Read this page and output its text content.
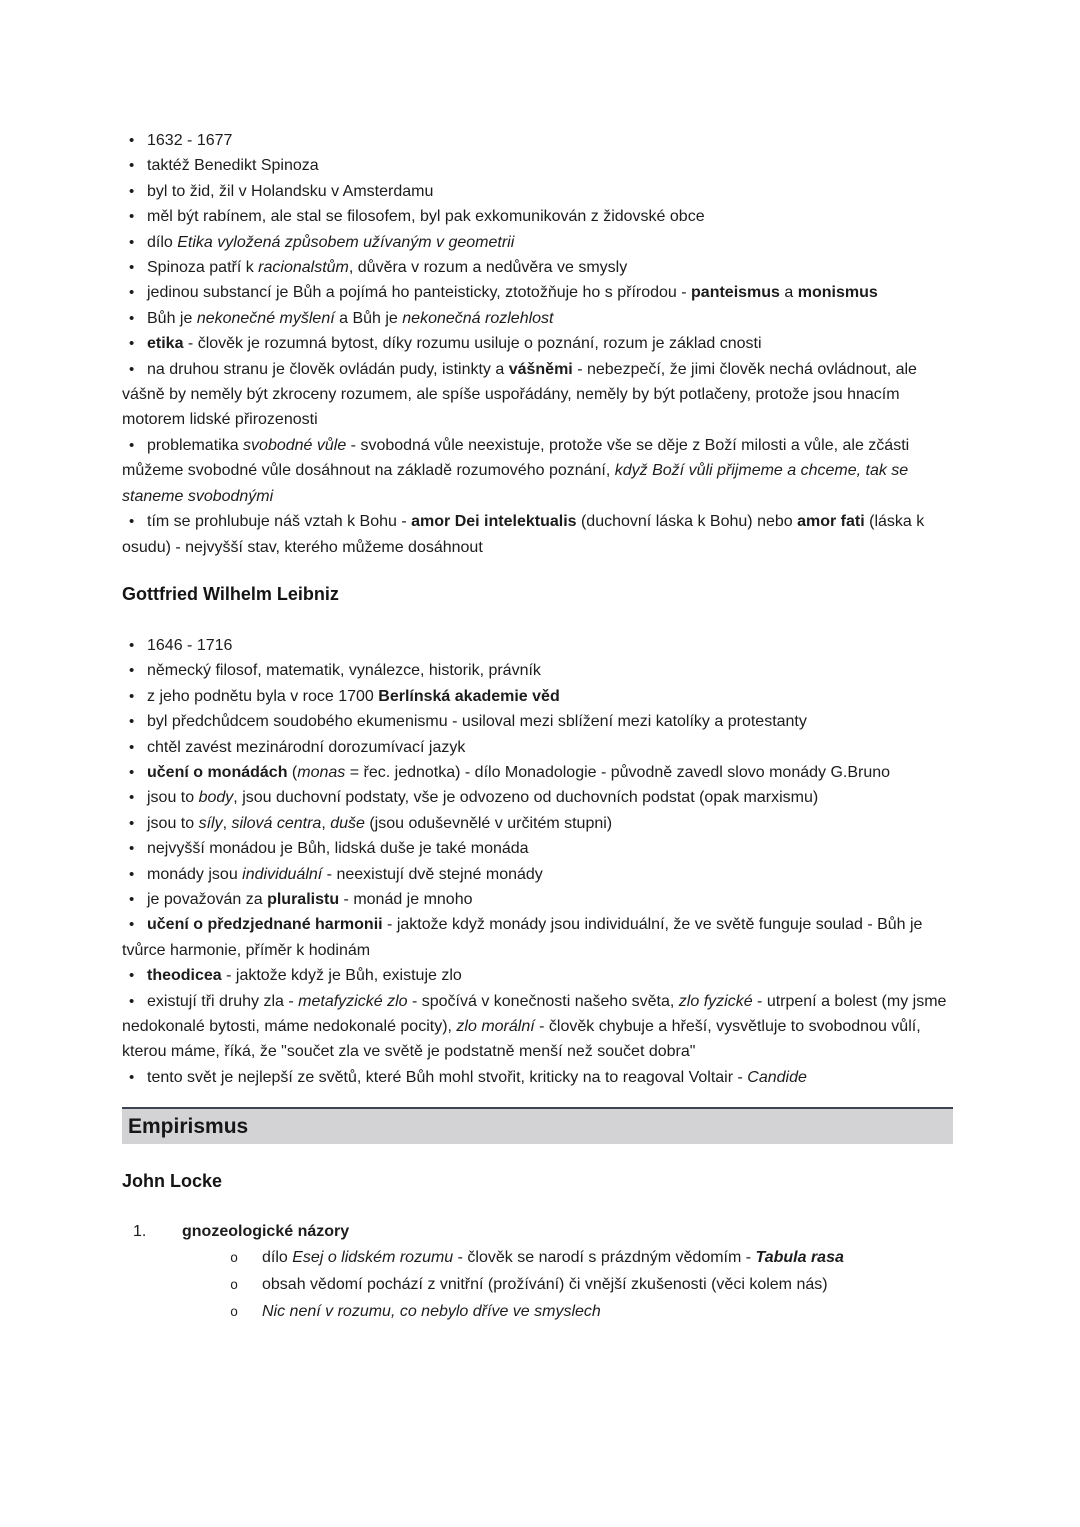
• 1632 - 1677
• taktéž Benedikt Spinoza
• byl to žid, žil v Holandsku v Amsterdamu
• měl být rabínem, ale stal se filosofem, byl pak exkomunikován z židovské obce
• dílo Etika vyložená způsobem užívaným v geometrii
• Spinoza patří k racionalstům, důvěra v rozum a nedůvěra ve smysly
• jedinou substancí je Bůh a pojímá ho panteisticky, ztotožňuje ho s přírodou - panteismus a monismus
• Bůh je nekonečné myšlení a Bůh je nekonečná rozlehlost
• etika - člověk je rozumná bytost, díky rozumu usiluje o poznání, rozum je základ cnosti
• na druhou stranu je člověk ovládán pudy, istinkty a vášněmi - nebezpečí, že jimi člověk nechá ovládnout, ale vášně by neměly být zkroceny rozumem, ale spíše uspořádány, neměly by být potlačeny, protože jsou hnacím motorem lidské přirozenosti
• problematika svobodné vůle - svobodná vůle neexistuje, protože vše se děje z Boží milosti a vůle, ale zčásti můžeme svobodné vůle dosáhnout na základě rozumového poznání, když Boží vůli přijmeme a chceme, tak se staneme svobodnými
• tím se prohlubuje náš vztah k Bohu - amor Dei intelektualis (duchovní láska k Bohu) nebo amor fati (láska k osudu) - nejvyšší stav, kterého můžeme dosáhnout
Gottfried Wilhelm Leibniz
• 1646 - 1716
• německý filosof, matematik, vynálezce, historik, právník
• z jeho podnětu byla v roce 1700 Berlínská akademie věd
• byl předchůdcem soudobého ekumenismu - usiloval mezi sblížení mezi katolíky a protestanty
• chtěl zavést mezinárodní dorozumívací jazyk
• učení o monádách (monas = řec. jednotka) - dílo Monadologie - původně zavedl slovo monády G.Bruno
• jsou to body, jsou duchovní podstaty, vše je odvozeno od duchovních podstat (opak marxismu)
• jsou to síly, silová centra, duše (jsou oduševnělé v určitém stupni)
• nejvyšší monádou je Bůh, lidská duše je také monáda
• monády jsou individuální - neexistují dvě stejné monády
• je považován za pluralistu - monád je mnoho
• učení o předzjednané harmonii - jaktože když monády jsou individuální, že ve světě funguje soulad - Bůh je tvůrce harmonie, příměr k hodinám
• theodicea - jaktože když je Bůh, existuje zlo
• existují tři druhy zla - metafyzické zlo - spočívá v konečnosti našeho světa, zlo fyzické - utrpení a bolest (my jsme nedokonalé bytosti, máme nedokonalé pocity), zlo morální - člověk chybuje a hřeší, vysvětluje to svobodnou vůlí, kterou máme, říká, že "součet zla ve světě je podstatně menší než součet dobra"
• tento svět je nejlepší ze světů, které Bůh mohl stvořit, kriticky na to reagoval Voltair - Candide
Empirismus
John Locke
1. gnozeologické názory
o dílo Esej o lidském rozumu - člověk se narodí s prázdným vědomím - Tabula rasa
o obsah vědomí pochází z vnitřní (prožívání) či vnější zkušenosti (věci kolem nás)
o Nic není v rozumu, co nebylo dříve ve smyslech
